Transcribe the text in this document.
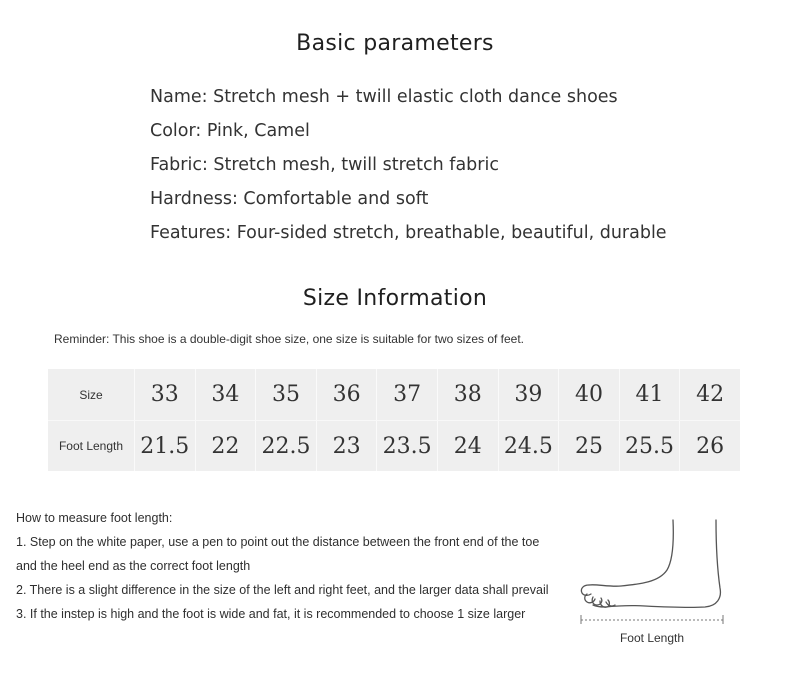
Basic parameters
Name: Stretch mesh + twill elastic cloth dance shoes
Color: Pink, Camel
Fabric: Stretch mesh, twill stretch fabric
Hardness: Comfortable and soft
Features: Four-sided stretch, breathable, beautiful, durable
Size Information
Reminder: This shoe is a double-digit shoe size, one size is suitable for two sizes of feet.
Size	33	34	35	36	37	38	39	40	41	42
Foot Length 21.5	22	22.5	23	23.5	24	24.5	25	25.5	26

How to measure foot length:

1. Step on the white paper, use a pen to point out the distance between the front end of the toe and the heel end as the correct foot length

2. There is a slight difference in the size of the left and right feet, and the larger data shall prevail

3. If the instep is high and the foot is wide and fat, it is recommended to choose 1 size larger

Foot Length
